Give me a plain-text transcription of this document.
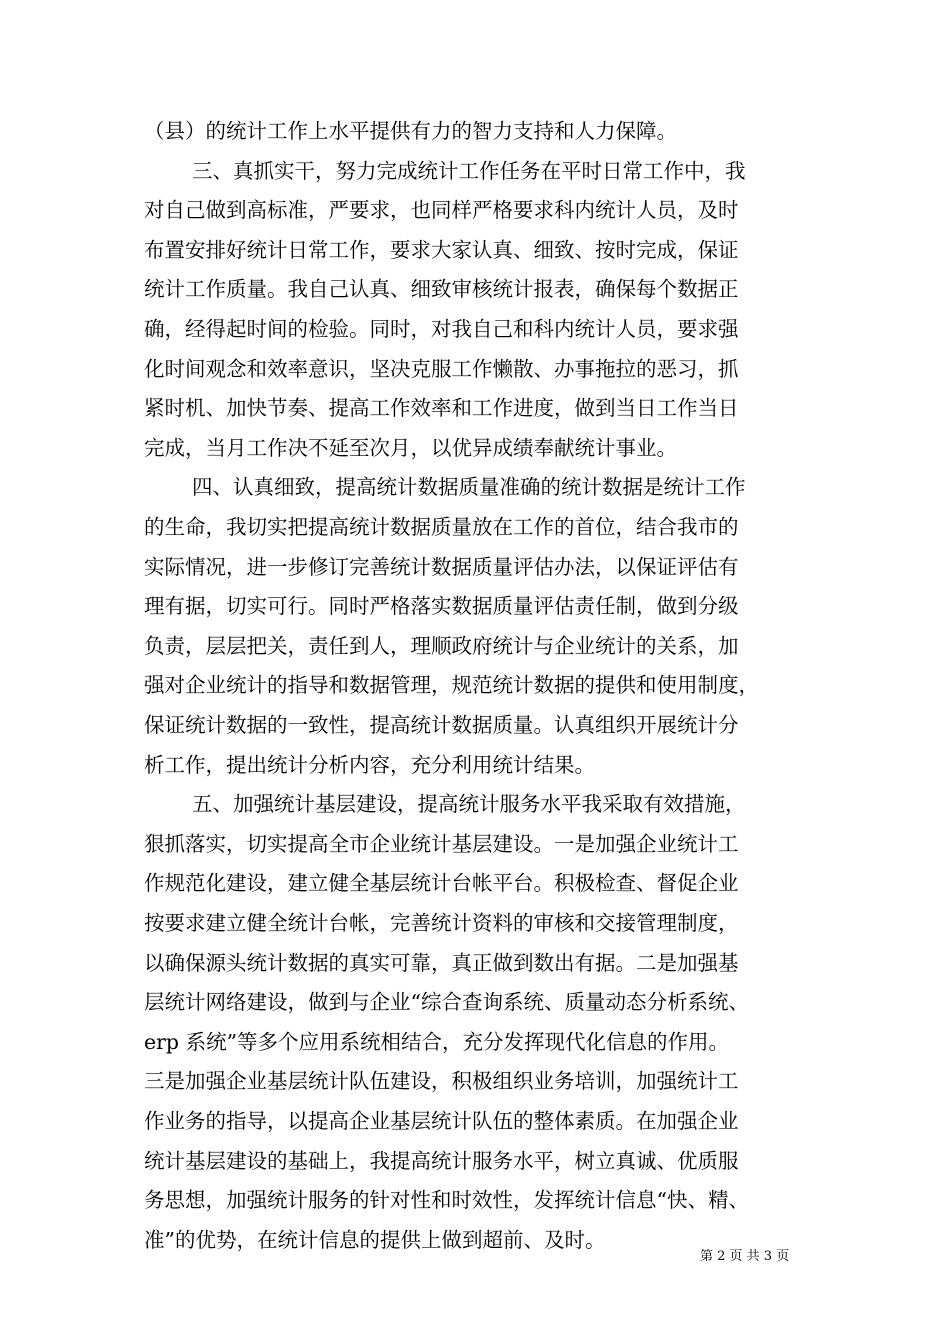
（县）的统计工作上水平提供有力的智力支持和人力保障。
三、真抓实干，努力完成统计工作任务在平时日常工作中，我
对自己做到高标准，严要求，也同样严格要求科内统计人员，及时
布置安排好统计日常工作，要求大家认真、细致、按时完成，保证
统计工作质量。我自己认真、细致审核统计报表，确保每个数据正
确，经得起时间的检验。同时，对我自己和科内统计人员，要求强
化时间观念和效率意识，坚决克服工作懒散、办事拖拉的恶习，抓
紧时机、加快节奏、提高工作效率和工作进度，做到当日工作当日
完成，当月工作决不延至次月，以优异成绩奉献统计事业。
四、认真细致，提高统计数据质量准确的统计数据是统计工作
的生命，我切实把提高统计数据质量放在工作的首位，结合我市的
实际情况，进一步修订完善统计数据质量评估办法，以保证评估有
理有据，切实可行。同时严格落实数据质量评估责任制，做到分级
负责，层层把关，责任到人，理顺政府统计与企业统计的关系，加
强对企业统计的指导和数据管理，规范统计数据的提供和使用制度，
保证统计数据的一致性，提高统计数据质量。认真组织开展统计分
析工作，提出统计分析内容，充分利用统计结果。
五、加强统计基层建设，提高统计服务水平我采取有效措施，
狠抓落实，切实提高全市企业统计基层建设。一是加强企业统计工
作规范化建设，建立健全基层统计台帐平台。积极检查、督促企业
按要求建立健全统计台帐，完善统计资料的审核和交接管理制度，
以确保源头统计数据的真实可靠，真正做到数出有据。二是加强基
层统计网络建设，做到与企业“综合查询系统、质量动态分析系统、
erp 系统”等多个应用系统相结合，充分发挥现代化信息的作用。
三是加强企业基层统计队伍建设，积极组织业务培训，加强统计工
作业务的指导，以提高企业基层统计队伍的整体素质。在加强企业
统计基层建设的基础上，我提高统计服务水平，树立真诚、优质服
务思想，加强统计服务的针对性和时效性，发挥统计信息“快、精、
准”的优势，在统计信息的提供上做到超前、及时。
第 2 页 共 3 页
